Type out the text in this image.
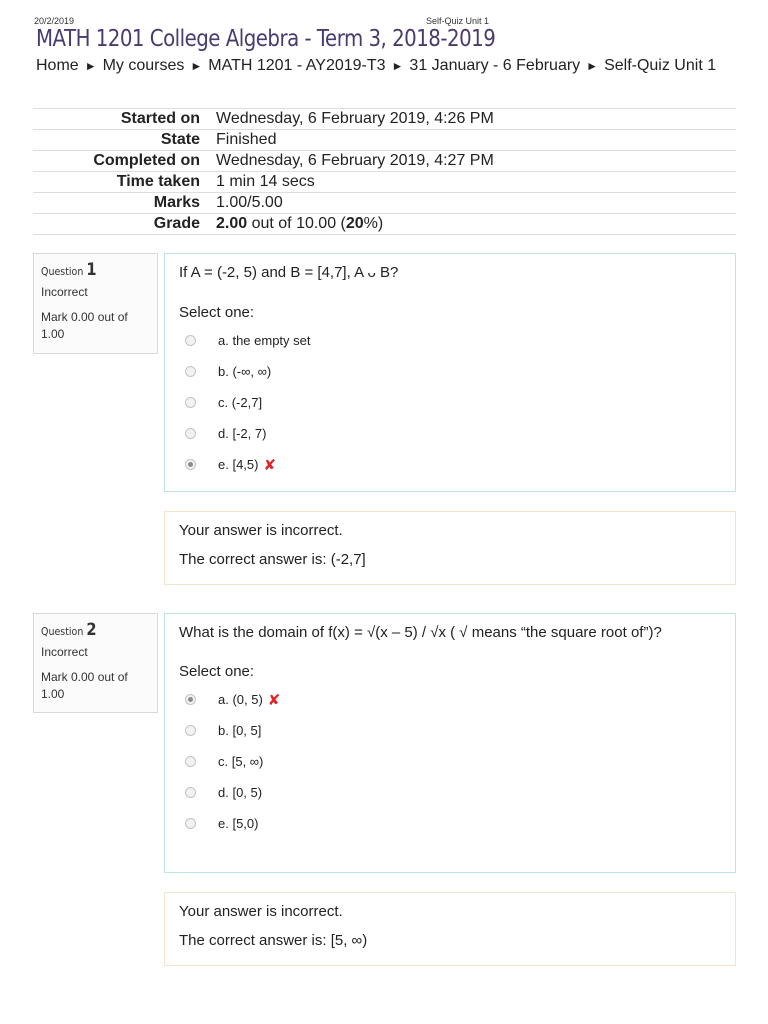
20/2/2019	Self-Quiz Unit 1
MATH 1201 College Algebra - Term 3, 2018-2019
Home ► My courses ► MATH 1201 - AY2019-T3 ► 31 January - 6 February ► Self-Quiz Unit 1
Started on	Wednesday, 6 February 2019, 4:26 PM
State	Finished
Completed on	Wednesday, 6 February 2019, 4:27 PM
Time taken	1 min 14 secs
Marks	1.00/5.00
Grade	2.00 out of 10.00 (20%)
Question 1
Incorrect
Mark 0.00 out of 1.00
If A = (-2, 5) and B = [4,7], A ᴗ B?
Select one:
a. the empty set
b. (-∞, ∞)
c. (-2,7]
d. [-2, 7)
e. [4,5) ✘
Your answer is incorrect.
The correct answer is: (-2,7]
Question 2
Incorrect
Mark 0.00 out of 1.00
What is the domain of f(x) = √(x – 5) / √x ( √ means “the square root of”)?
Select one:
a. (0, 5) ✘
b. [0, 5]
c. [5, ∞)
d. [0, 5)
e. [5,0)
Your answer is incorrect.
The correct answer is: [5, ∞)
